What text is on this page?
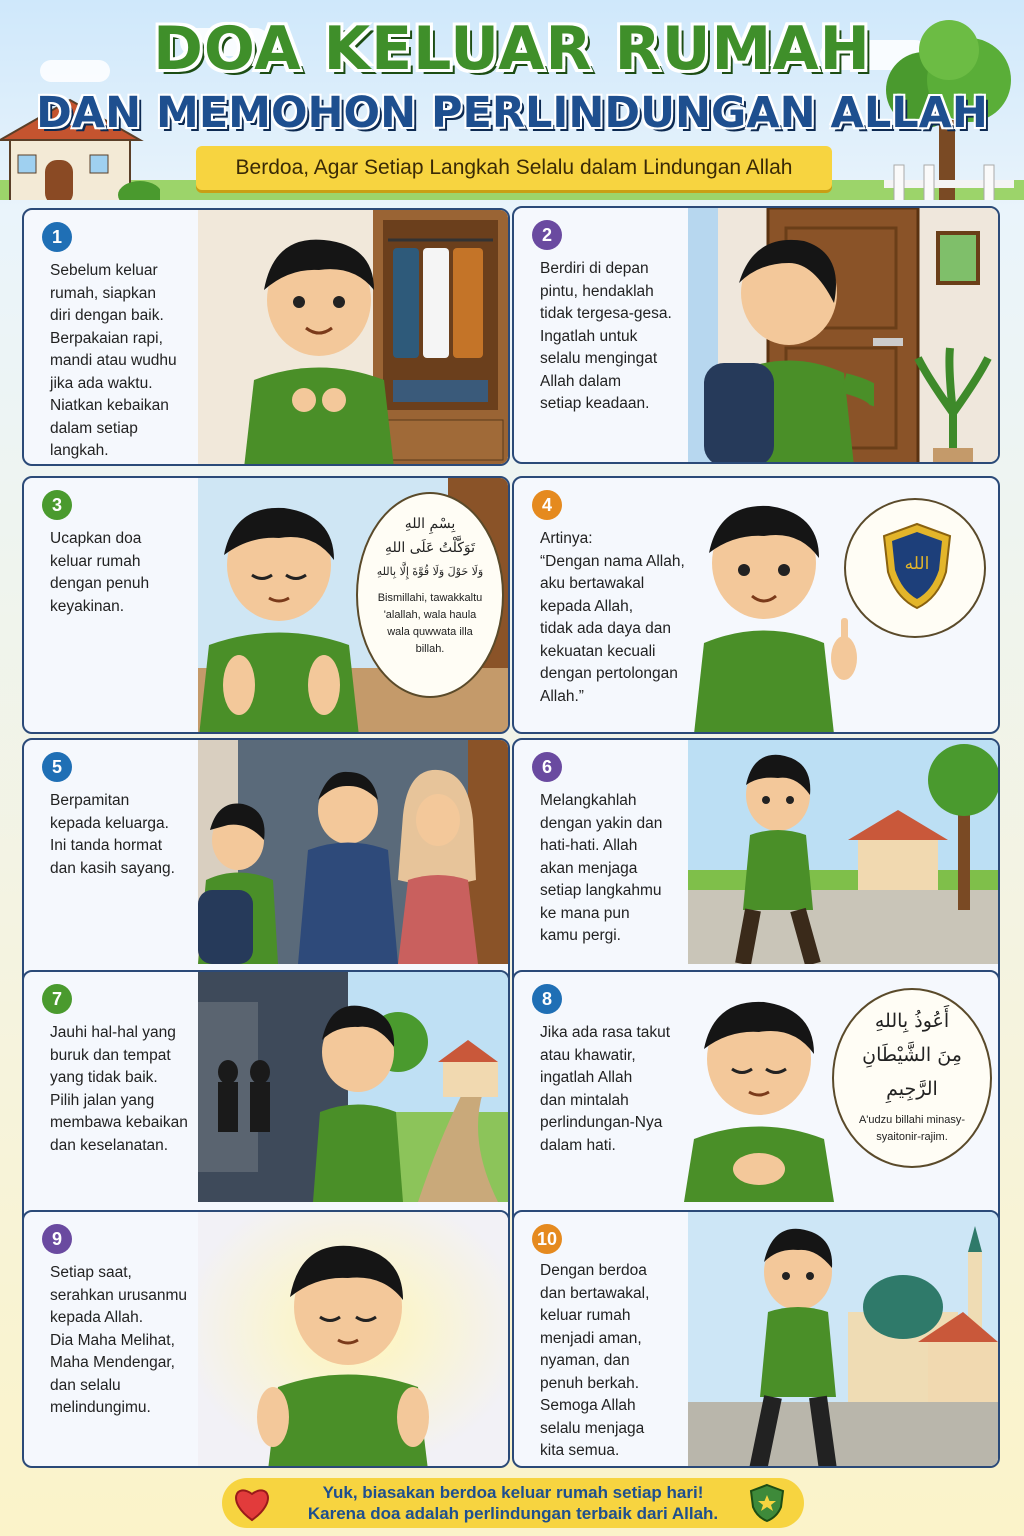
DOA KELUAR RUMAH
DAN MEMOHON PERLINDUNGAN ALLAH
Berdoa, Agar Setiap Langkah Selalu dalam Lindungan Allah
1
Sebelum keluar
rumah, siapkan
diri dengan baik.
Berpakaian rapi,
mandi atau wudhu
jika ada waktu.
Niatkan kebaikan
dalam setiap
langkah.
2
Berdiri di depan
pintu, hendaklah
tidak tergesa-gesa.
Ingatlah untuk
selalu mengingat
Allah dalam
setiap keadaan.
3
Ucapkan doa
keluar rumah
dengan penuh
keyakinan.
بِسْمِ اللهِ
تَوَكَّلْتُ عَلَى اللهِ
وَلَا حَوْلَ وَلَا قُوَّةَ إِلَّا بِاللهِ
Bismillahi, tawakkaltu
'alallah, wala haula
wala quwwata illa
billah.
4
Artinya:
“Dengan nama Allah,
aku bertawakal
kepada Allah,
tidak ada daya dan
kekuatan kecuali
dengan pertolongan
Allah.”
الله
5
Berpamitan
kepada keluarga.
Ini tanda hormat
dan kasih sayang.
6
Melangkahlah
dengan yakin dan
hati-hati. Allah
akan menjaga
setiap langkahmu
ke mana pun
kamu pergi.
7
Jauhi hal-hal yang
buruk dan tempat
yang tidak baik.
Pilih jalan yang
membawa kebaikan
dan keselanatan.
8
Jika ada rasa takut
atau khawatir,
ingatlah Allah
dan mintalah
perlindungan-Nya
dalam hati.
أَعُوذُ بِاللهِ
مِنَ الشَّيْطَانِ
الرَّجِيمِ
A'udzu billahi minasy-
syaitonir-rajim.
9
Setiap saat,
serahkan urusanmu
kepada Allah.
Dia Maha Melihat,
Maha Mendengar,
dan selalu
melindungimu.
10
Dengan berdoa
dan bertawakal,
keluar rumah
menjadi aman,
nyaman, dan
penuh berkah.
Semoga Allah
selalu menjaga
kita semua.
Yuk, biasakan berdoa keluar rumah setiap hari!
Karena doa adalah perlindungan terbaik dari Allah.
